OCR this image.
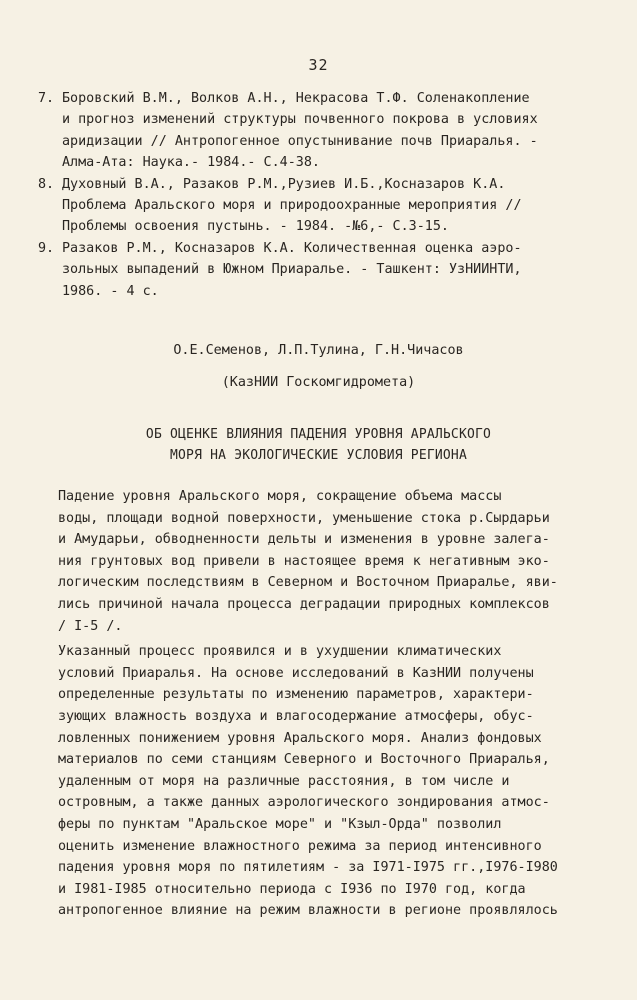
32
7. Боровский В.М., Волков А.Н., Некрасова Т.Ф. Соленакопление
и прогноз изменений структуры почвенного покрова в условиях
аридизации // Антропогенное опустынивание почв Приаралья. -
Алма-Ата: Наука.- 1984.- С.4-38.
8. Духовный В.А., Разаков Р.М.,Рузиев И.Б.,Косназаров К.А.
Проблема Аральского моря и природоохранные мероприятия //
Проблемы освоения пустынь. - 1984. -№6,- С.3-15.
9. Разаков Р.М., Косназаров К.А. Количественная оценка аэро-
зольных выпадений в Южном Приаралье. - Ташкент: УзНИИНТИ,
1986. - 4 с.
О.Е.Семенов, Л.П.Тулина, Г.Н.Чичасов
(КазНИИ Госкомгидромета)
ОБ ОЦЕНКЕ ВЛИЯНИЯ ПАДЕНИЯ УРОВНЯ АРАЛЬСКОГО
МОРЯ НА ЭКОЛОГИЧЕСКИЕ УСЛОВИЯ РЕГИОНА

Падение уровня Аральского моря, сокращение объема массы
воды, площади водной поверхности, уменьшение стока р.Сырдарьи
и Амударьи, обводненности дельты и изменения в уровне залега-
ния грунтовых вод привели в настоящее время к негативным эко-
логическим последствиям в Северном и Восточном Приаралье, яви-
лись причиной начала процесса деградации природных комплексов
/ I-5 /.

Указанный процесс проявился и в ухудшении климатических
условий Приаралья. На основе исследований в КазНИИ получены
определенные результаты по изменению параметров, характери-
зующих влажность воздуха и влагосодержание атмосферы, обус-
ловленных понижением уровня Аральского моря. Анализ фондовых
материалов по семи станциям Северного и Восточного Приаралья,
удаленным от моря на различные расстояния, в том числе и
островным, а также данных аэрологического зондирования атмос-
феры по пунктам "Аральское море" и "Кзыл-Орда" позволил
оценить изменение влажностного режима за период интенсивного
падения уровня моря по пятилетиям - за I971-I975 гг.,I976-I980
и I981-I985 относительно периода с I936 по I970 год, когда
антропогенное влияние на режим влажности в регионе проявлялось
